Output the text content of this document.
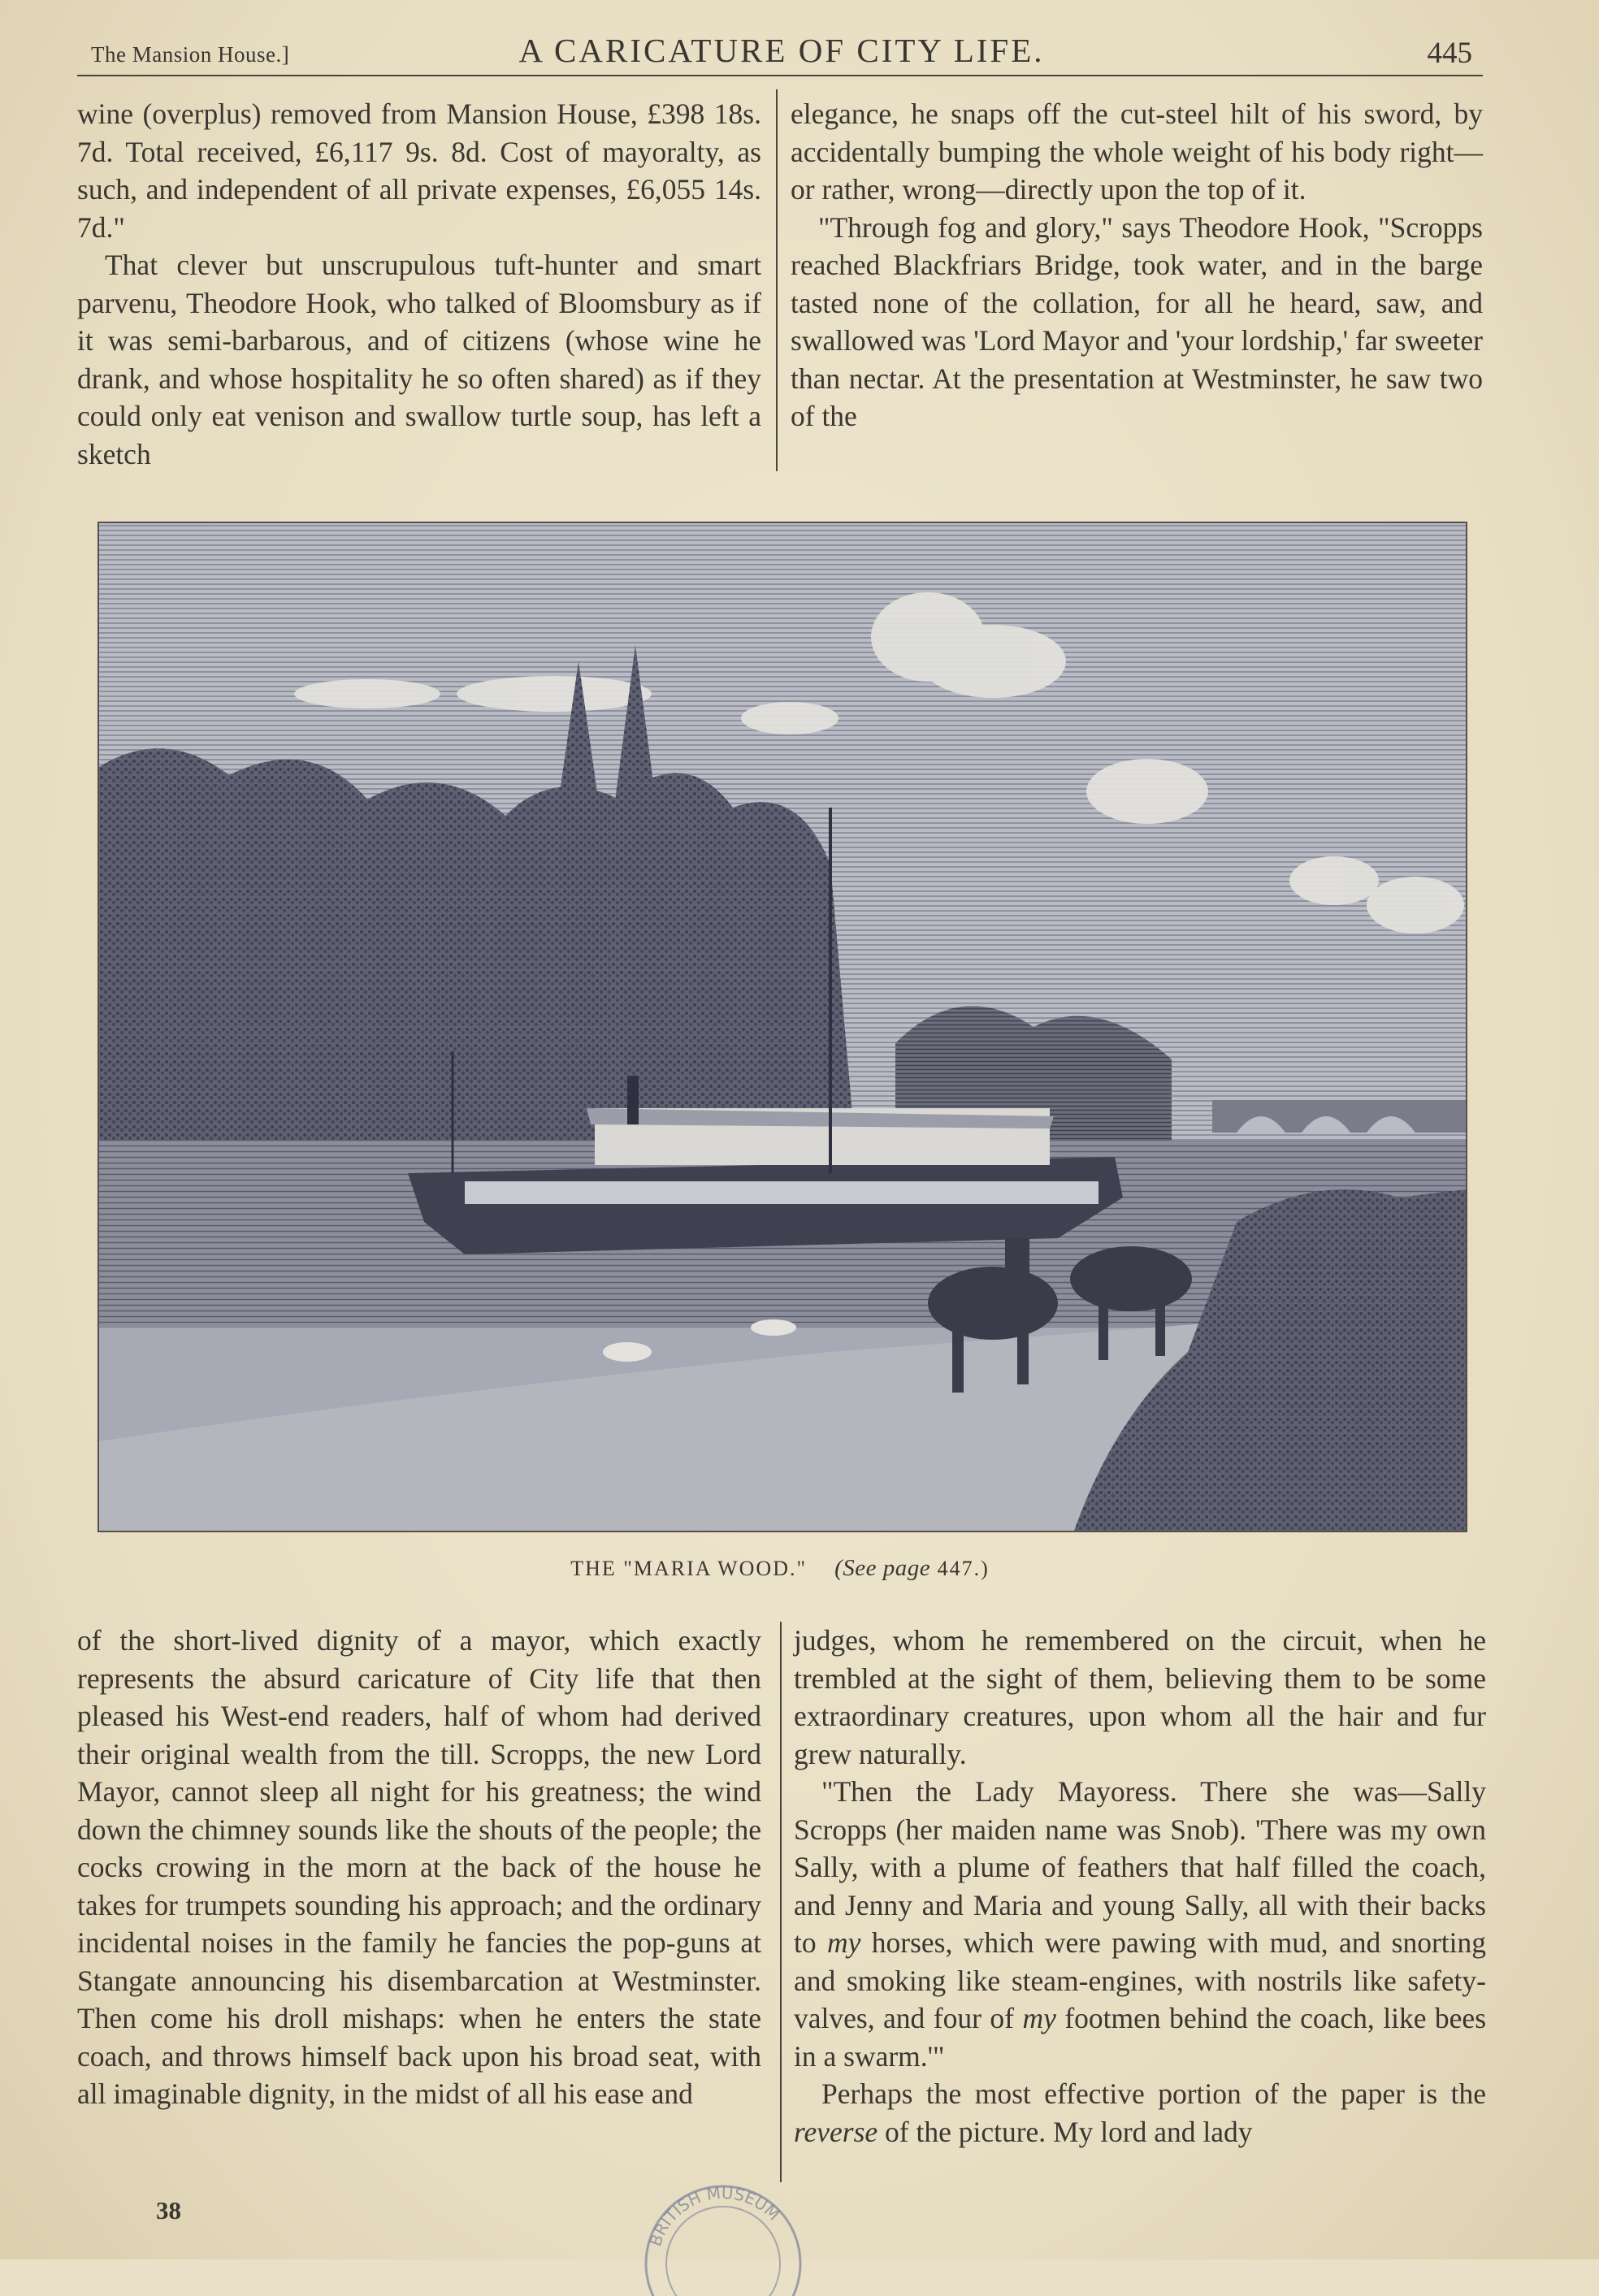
The Mansion House.]	A CARICATURE OF CITY LIFE.	445

wine (overplus) removed from Mansion House, £398 18s. 7d. Total received, £6,117 9s. 8d. Cost of mayoralty, as such, and independent of all private expenses, £6,055 14s. 7d."

That clever but unscrupulous tuft-hunter and smart parvenu, Theodore Hook, who talked of Bloomsbury as if it was semi-barbarous, and of citizens (whose wine he drank, and whose hospitality he so often shared) as if they could only eat venison and swallow turtle soup, has left a sketch

elegance, he snaps off the cut-steel hilt of his sword, by accidentally bumping the whole weight of his body right—or rather, wrong—directly upon the top of it.

"Through fog and glory," says Theodore Hook, "Scropps reached Blackfriars Bridge, took water, and in the barge tasted none of the collation, for all he heard, saw, and swallowed was 'Lord Mayor and 'your lordship,' far sweeter than nectar. At the presentation at Westminster, he saw two of the

THE "MARIA WOOD." (See page 447.)

of the short-lived dignity of a mayor, which exactly represents the absurd caricature of City life that then pleased his West-end readers, half of whom had derived their original wealth from the till. Scropps, the new Lord Mayor, cannot sleep all night for his greatness; the wind down the chimney sounds like the shouts of the people; the cocks crowing in the morn at the back of the house he takes for trumpets sounding his approach; and the ordinary incidental noises in the family he fancies the pop-guns at Stangate announcing his disembarcation at Westminster. Then come his droll mishaps: when he enters the state coach, and throws himself back upon his broad seat, with all imaginable dignity, in the midst of all his ease and

judges, whom he remembered on the circuit, when he trembled at the sight of them, believing them to be some extraordinary creatures, upon whom all the hair and fur grew naturally.

"Then the Lady Mayoress. There she was—Sally Scropps (her maiden name was Snob). 'There was my own Sally, with a plume of feathers that half filled the coach, and Jenny and Maria and young Sally, all with their backs to my horses, which were pawing with mud, and snorting and smoking like steam-engines, with nostrils like safety-valves, and four of my footmen behind the coach, like bees in a swarm.'"

Perhaps the most effective portion of the paper is the reverse of the picture. My lord and lady

38
BRITISH MUSEUM
